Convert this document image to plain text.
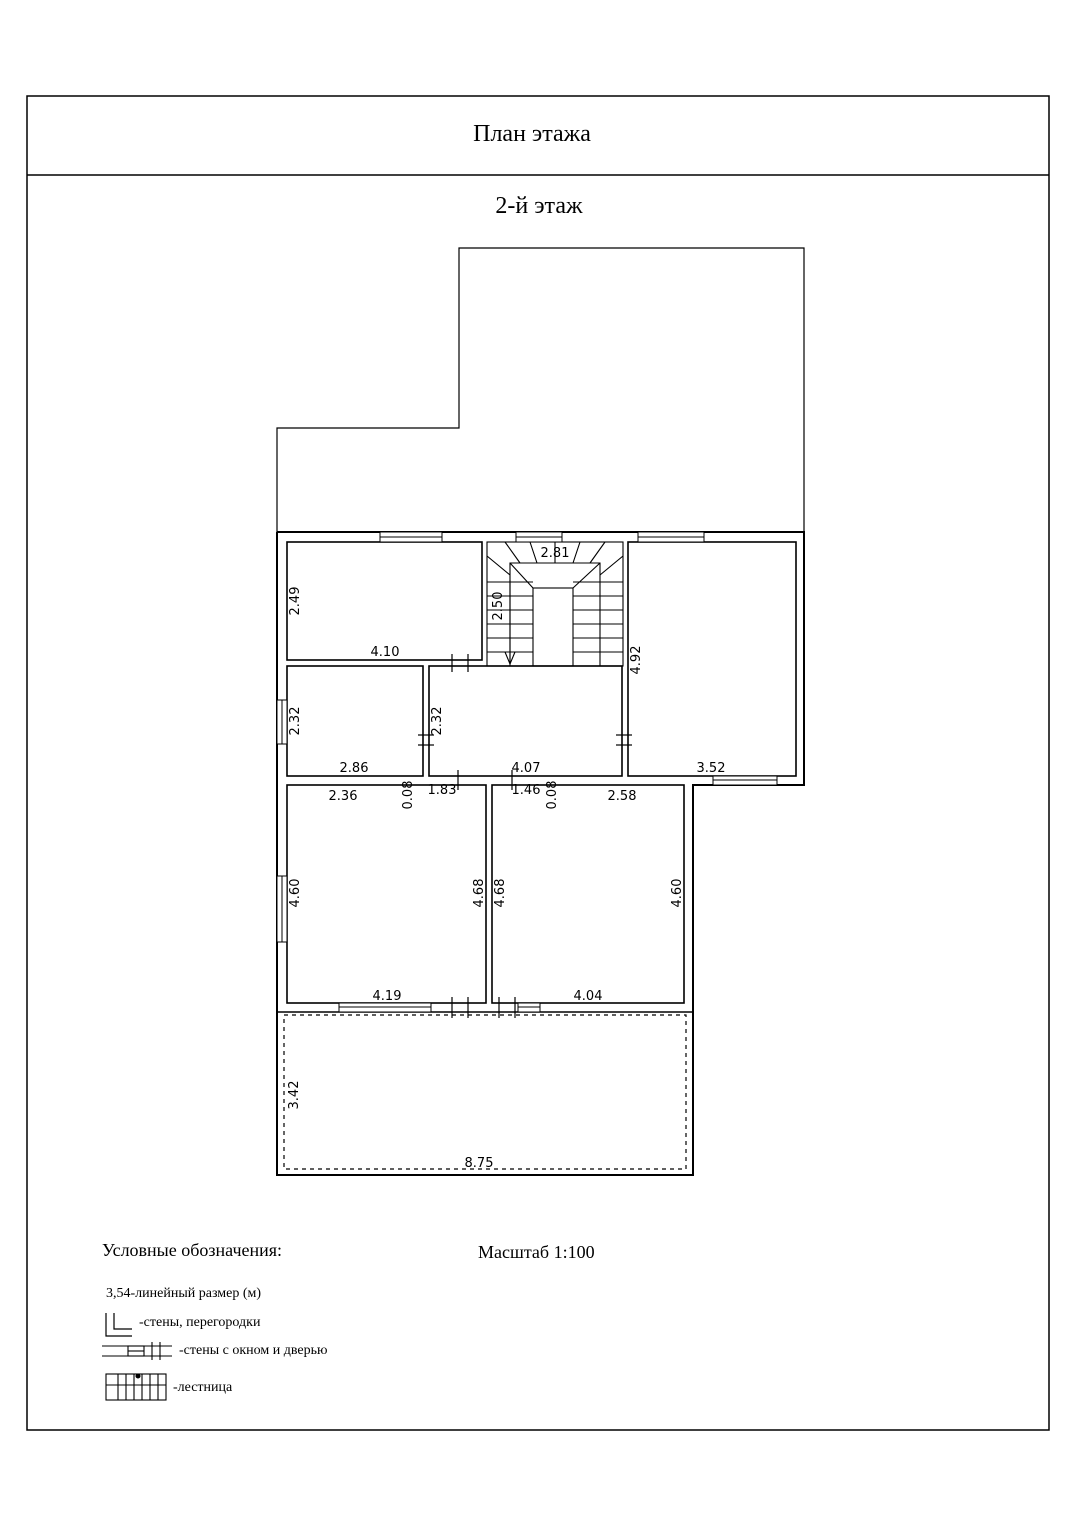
План этажа
2-й этаж
4.10
2.49
2.86
2.32
4.07
2.32
3.52
4.92
4.19
4.60	4.68
4.04
4.68	4.60
8.75
3.42
2.81
2.50
2.36	0.08 1.83	1.46 0.08	2.58
Условные обозначения:	Масштаб 1:100
3,54-линейный размер (м)
-стены, перегородки
-стены с окном и дверью
-лестница
